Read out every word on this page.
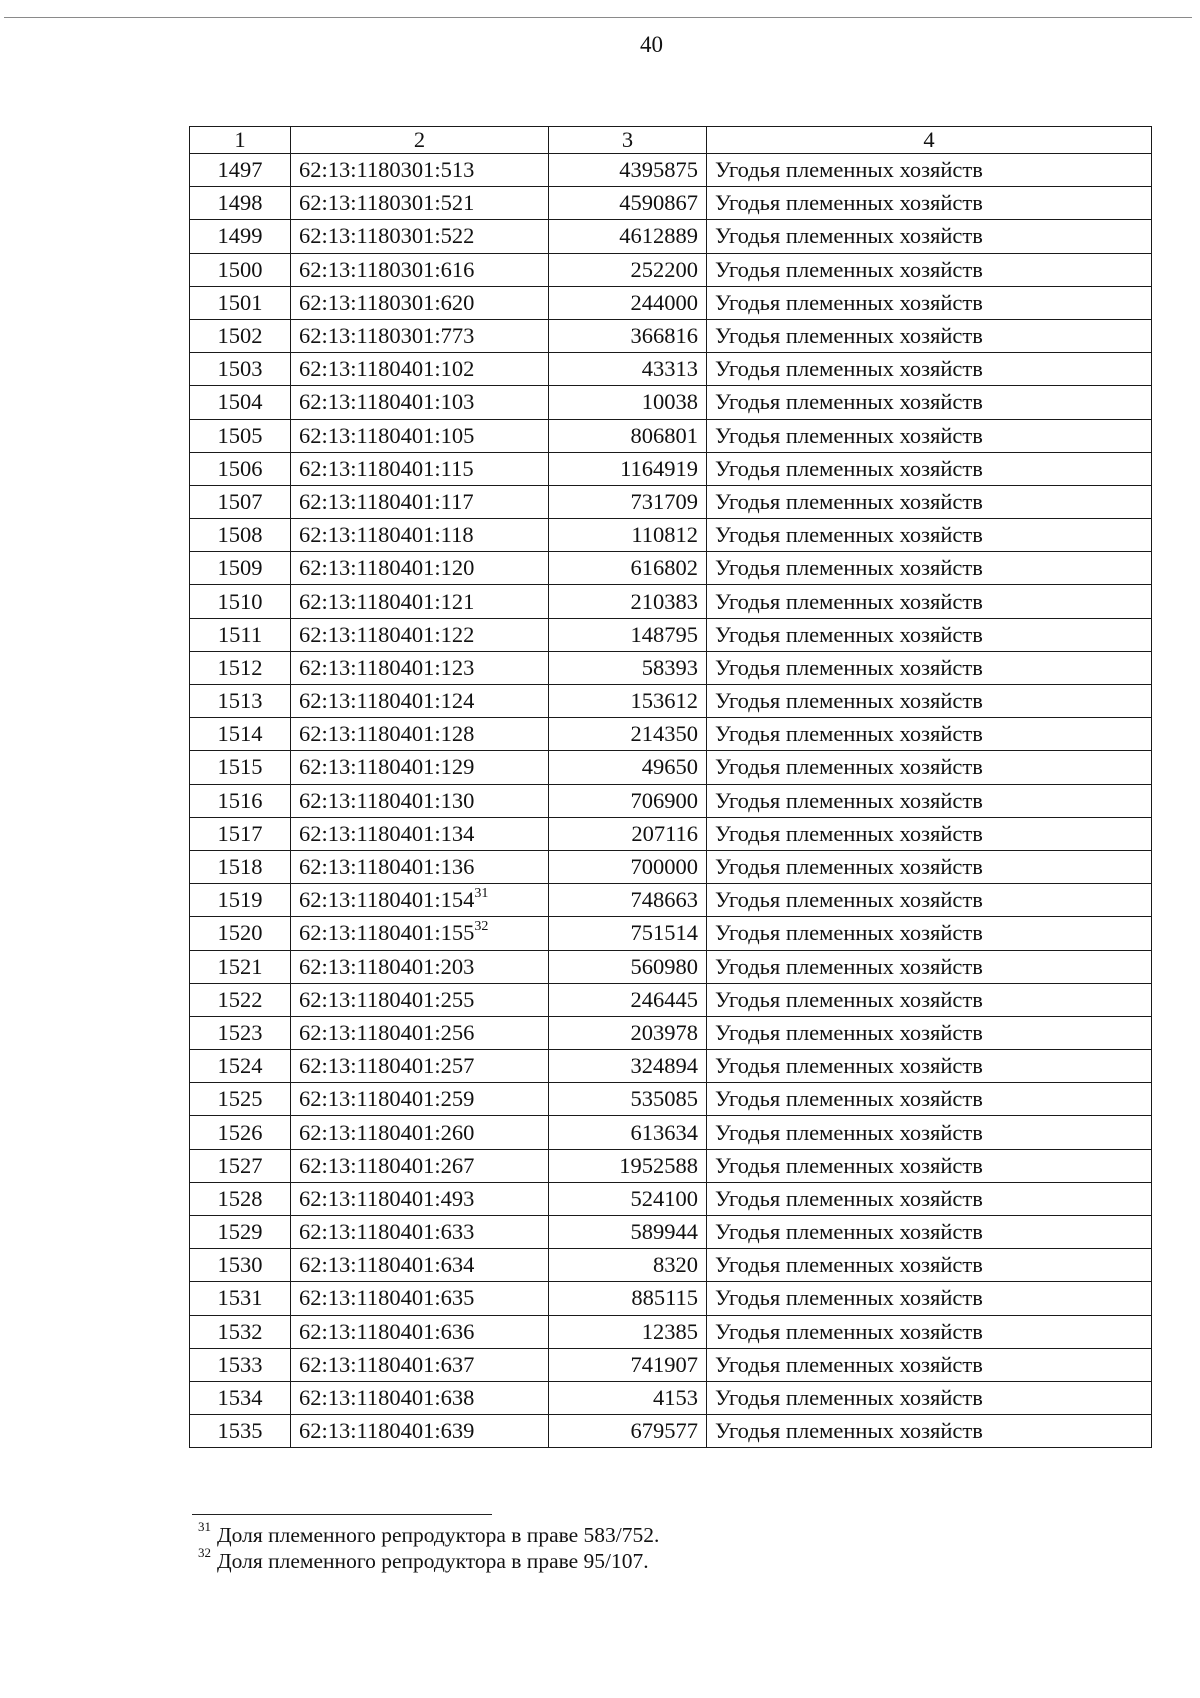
40
1	2	3	4
1497	62:13:1180301:513	4395875	Угодья племенных хозяйств
1498	62:13:1180301:521	4590867	Угодья племенных хозяйств
1499	62:13:1180301:522	4612889	Угодья племенных хозяйств
1500	62:13:1180301:616	252200	Угодья племенных хозяйств
1501	62:13:1180301:620	244000	Угодья племенных хозяйств
1502	62:13:1180301:773	366816	Угодья племенных хозяйств
1503	62:13:1180401:102	43313	Угодья племенных хозяйств
1504	62:13:1180401:103	10038	Угодья племенных хозяйств
1505	62:13:1180401:105	806801	Угодья племенных хозяйств
1506	62:13:1180401:115	1164919	Угодья племенных хозяйств
1507	62:13:1180401:117	731709	Угодья племенных хозяйств
1508	62:13:1180401:118	110812	Угодья племенных хозяйств
1509	62:13:1180401:120	616802	Угодья племенных хозяйств
1510	62:13:1180401:121	210383	Угодья племенных хозяйств
1511	62:13:1180401:122	148795	Угодья племенных хозяйств
1512	62:13:1180401:123	58393	Угодья племенных хозяйств
1513	62:13:1180401:124	153612	Угодья племенных хозяйств
1514	62:13:1180401:128	214350	Угодья племенных хозяйств
1515	62:13:1180401:129	49650	Угодья племенных хозяйств
1516	62:13:1180401:130	706900	Угодья племенных хозяйств
1517	62:13:1180401:134	207116	Угодья племенных хозяйств
1518	62:13:1180401:136	700000	Угодья племенных хозяйств
1519	$62:13:1180401:154^{31}$	748663	Угодья племенных хозяйств
1520	$62:13:1180401:155^{32}$	751514	Угодья племенных хозяйств
1521	62:13:1180401:203	560980	Угодья племенных хозяйств
1522	62:13:1180401:255	246445	Угодья племенных хозяйств
1523	62:13:1180401:256	203978	Угодья племенных хозяйств
1524	62:13:1180401:257	324894	Угодья племенных хозяйств
1525	62:13:1180401:259	535085	Угодья племенных хозяйств
1526	62:13:1180401:260	613634	Угодья племенных хозяйств
1527	62:13:1180401:267	1952588	Угодья племенных хозяйств
1528	62:13:1180401:493	524100	Угодья племенных хозяйств
1529	62:13:1180401:633	589944	Угодья племенных хозяйств
1530	62:13:1180401:634	8320	Угодья племенных хозяйств
1531	62:13:1180401:635	885115	Угодья племенных хозяйств
1532	62:13:1180401:636	12385	Угодья племенных хозяйств
1533	62:13:1180401:637	741907	Угодья племенных хозяйств
1534	62:13:1180401:638	4153	Угодья племенных хозяйств
1535	62:13:1180401:639	679577	Угодья племенных хозяйств
$^{31}$ Доля племенного репродуктора в праве 583/752.
$^{32}$ Доля племенного репродуктора в праве 95/107.
